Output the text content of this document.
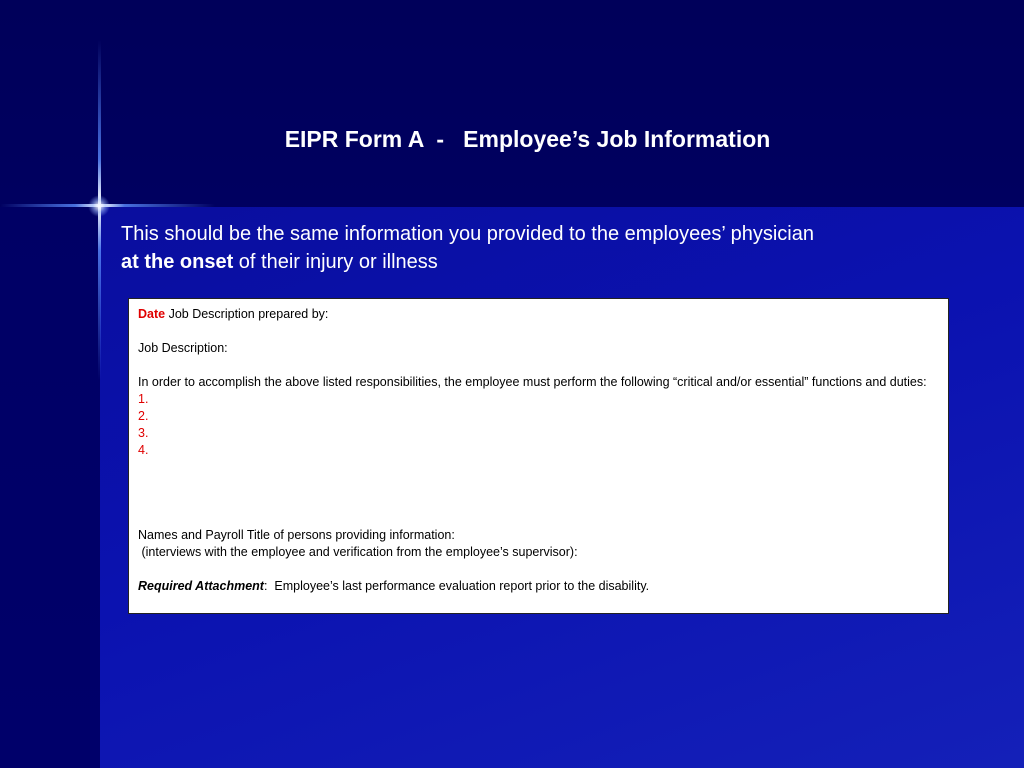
EIPR Form A  -   Employee’s Job Information
This should be the same information you provided to the employees’ physician
at the onset of their injury or illness

Date Job Description prepared by:

Job Description:

In order to accomplish the above listed responsibilities, the employee must perform the following “critical and/or essential” functions and duties:

1.

2.

3.

4.

Names and Payroll Title of persons providing information:

(interviews with the employee and verification from the employee’s supervisor):

Required Attachment:  Employee’s last performance evaluation report prior to the disability.
